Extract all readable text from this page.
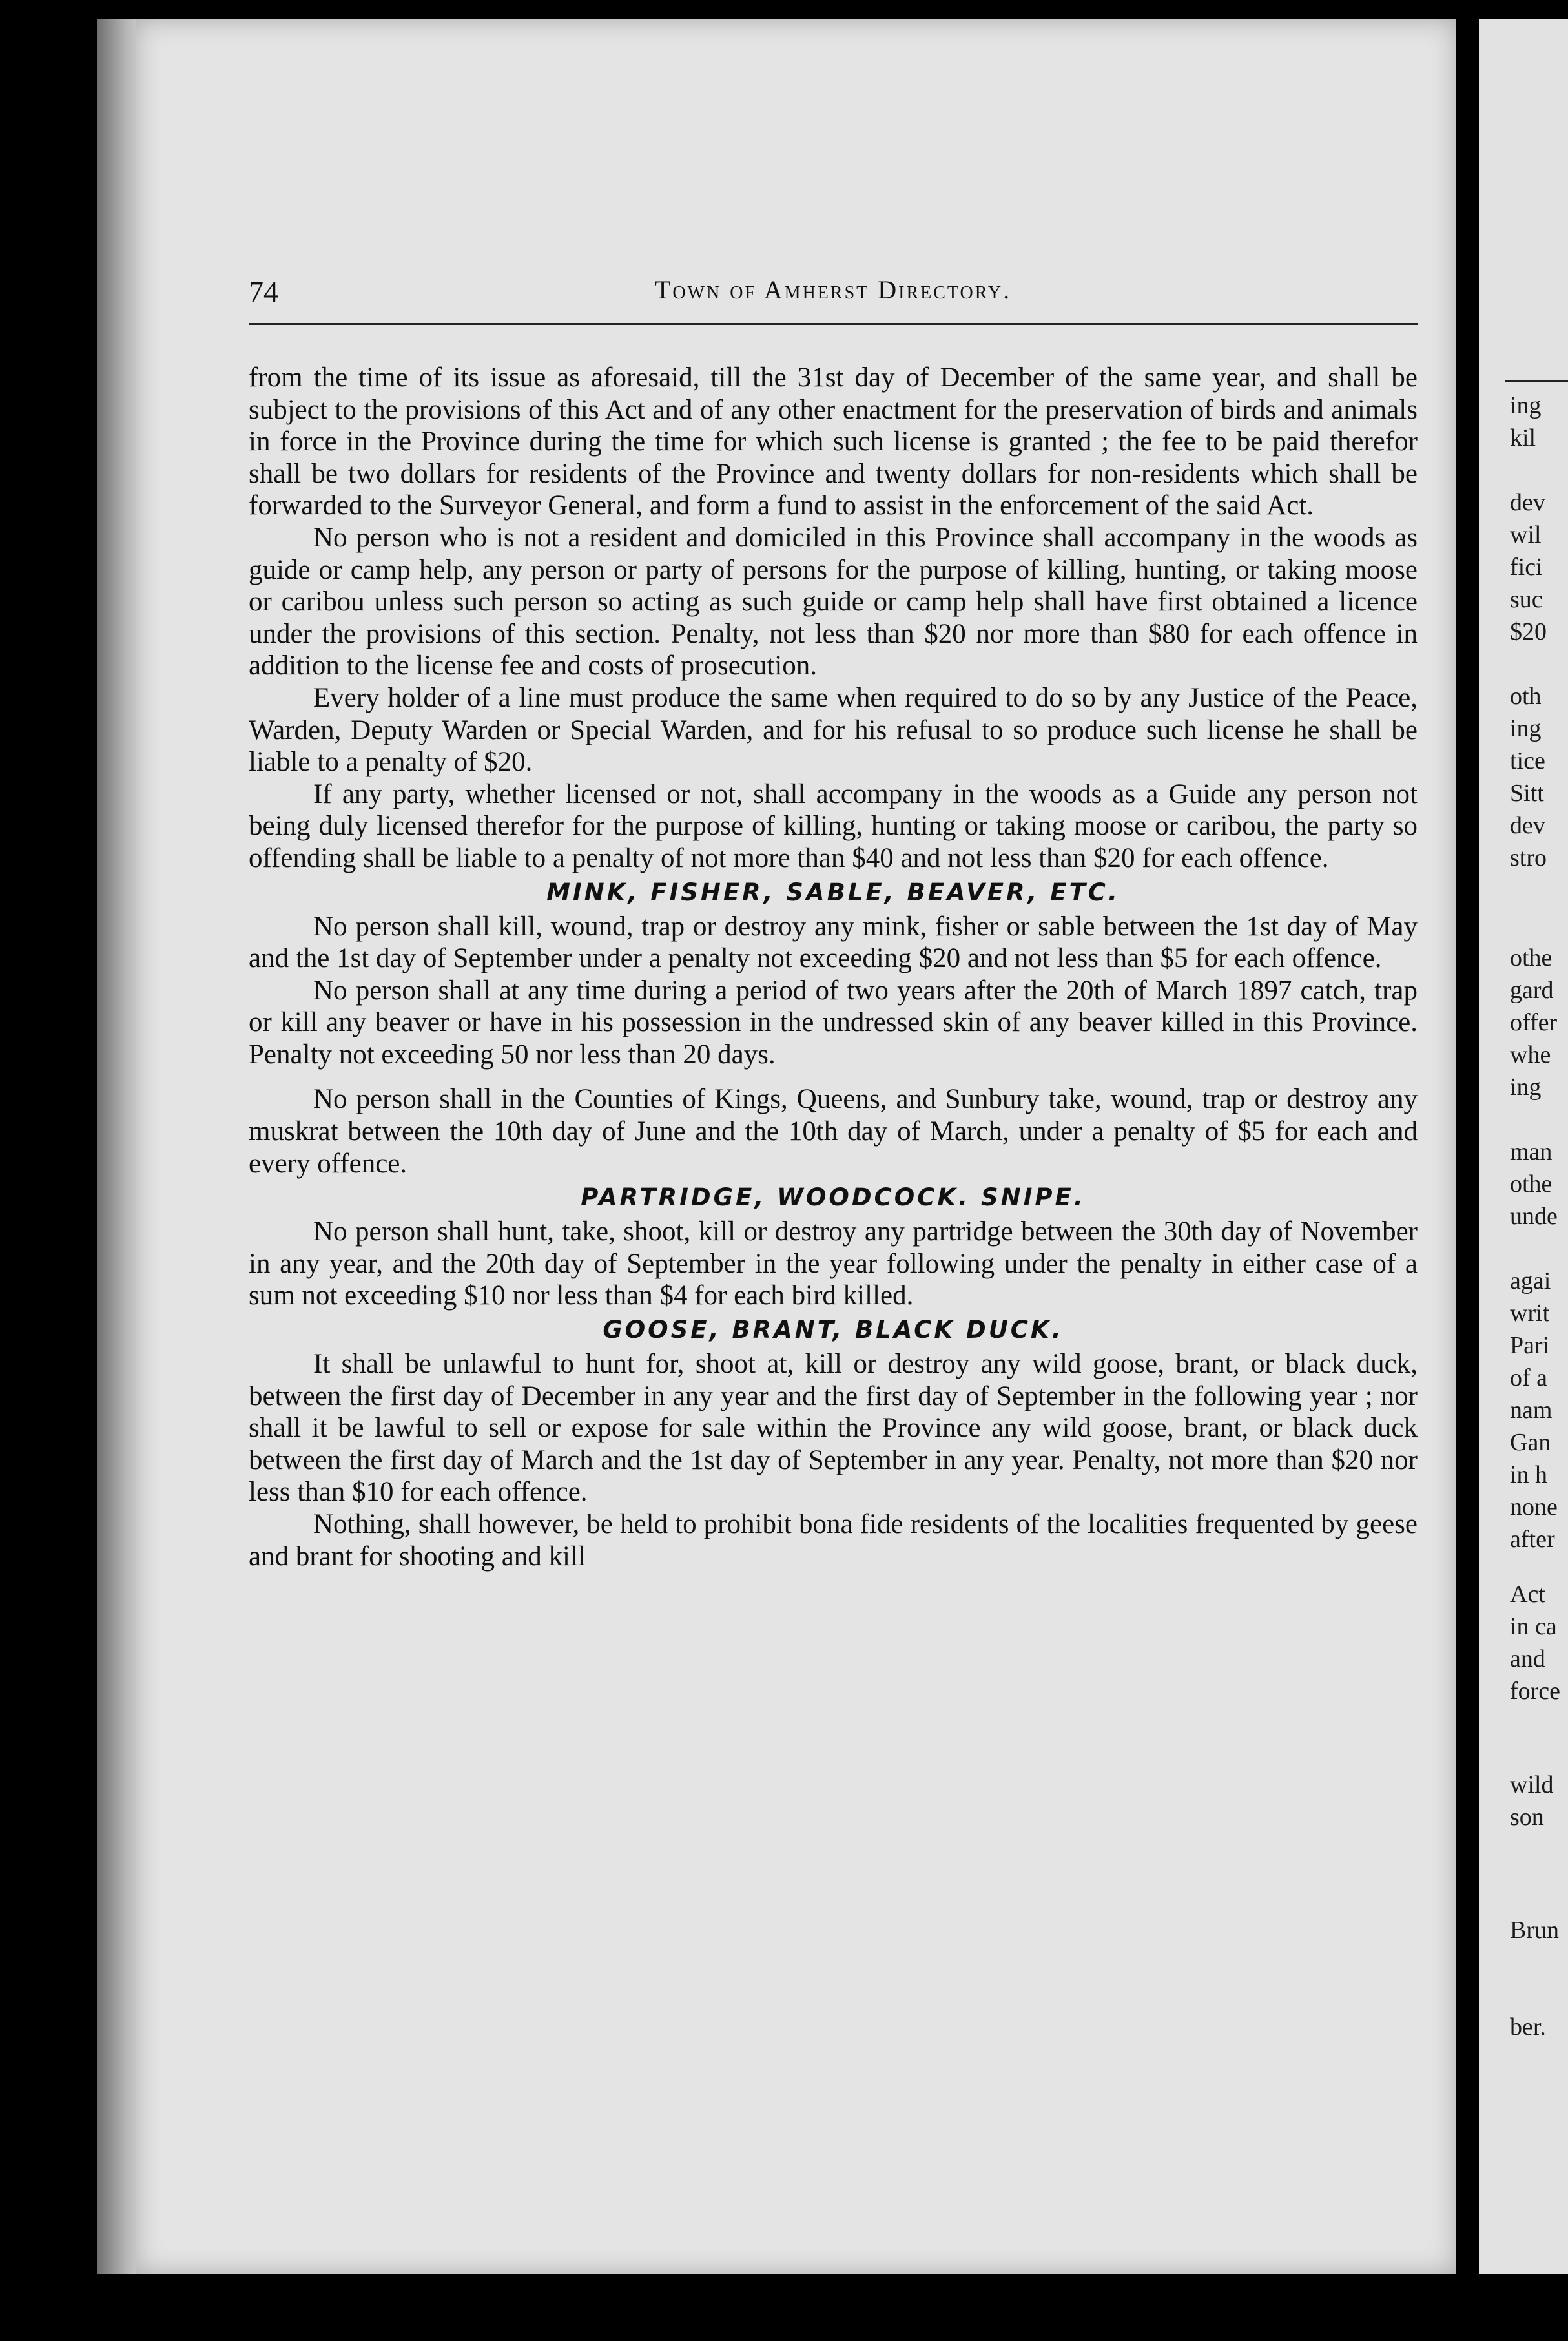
74	Town of Amherst Directory.

from the time of its issue as aforesaid, till the 31st day of December of the same year, and shall be subject to the provisions of this Act and of any other enactment for the preservation of birds and animals in force in the Province during the time for which such license is granted ; the fee to be paid therefor shall be two dollars for residents of the Province and twenty dollars for non-residents which shall be forwarded to the Surveyor General, and form a fund to assist in the enforcement of the said Act.

No person who is not a resident and domiciled in this Province shall accompany in the woods as guide or camp help, any person or party of persons for the purpose of killing, hunting, or taking moose or caribou unless such person so acting as such guide or camp help shall have first obtained a licence under the provisions of this section. Penalty, not less than $20 nor more than $80 for each offence in addition to the license fee and costs of prosecution.

Every holder of a line must produce the same when required to do so by any Justice of the Peace, Warden, Deputy Warden or Special Warden, and for his refusal to so produce such license he shall be liable to a penalty of $20.

If any party, whether licensed or not, shall accompany in the woods as a Guide any person not being duly licensed therefor for the purpose of killing, hunting or taking moose or caribou, the party so offending shall be liable to a penalty of not more than $40 and not less than $20 for each offence.

MINK, FISHER, SABLE, BEAVER, ETC.

No person shall kill, wound, trap or destroy any mink, fisher or sable between the 1st day of May and the 1st day of September under a penalty not exceeding $20 and not less than $5 for each offence.

No person shall at any time during a period of two years after the 20th of March 1897 catch, trap or kill any beaver or have in his possession in the undressed skin of any beaver killed in this Province. Penalty not exceeding 50 nor less than 20 days.

No person shall in the Counties of Kings, Queens, and Sunbury take, wound, trap or destroy any muskrat between the 10th day of June and the 10th day of March, under a penalty of $5 for each and every offence.

PARTRIDGE, WOODCOCK. SNIPE.

No person shall hunt, take, shoot, kill or destroy any partridge between the 30th day of November in any year, and the 20th day of September in the year following under the penalty in either case of a sum not exceeding $10 nor less than $4 for each bird killed.

GOOSE, BRANT, BLACK DUCK.

It shall be unlawful to hunt for, shoot at, kill or destroy any wild goose, brant, or black duck, between the first day of December in any year and the first day of September in the following year ; nor shall it be lawful to sell or expose for sale within the Province any wild goose, brant, or black duck between the first day of March and the 1st day of September in any year. Penalty, not more than $20 nor less than $10 for each offence.

Nothing, shall however, be held to prohibit bona fide residents of the localities frequented by geese and brant for shooting and kill

ing
kil
dev
wil
fici
suc
$20
oth
ing
tice
Sitt
dev
stro
othe
gard
offer
whe
ing
man
othe
unde
agai
writ
Pari
of a
nam
Gan
in h
none
after
Act
in ca
and
force
wild
son
Brun
ber.
